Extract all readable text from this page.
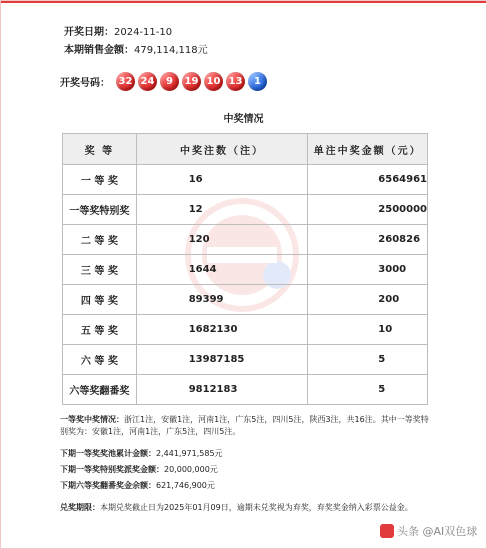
开奖日期：2024-11-10
本期销售金额：479,114,118元
开奖号码： 32 24	9	19 10 13	1
中奖情况
奖 等	中奖注数（注）	单注中奖金额（元）
一 等 奖	16	6564961
一等奖特别奖	12	2500000
二 等 奖	120	260826
三 等 奖	1644	3000
四 等 奖	89399	200
五 等 奖	1682130	10
六 等 奖	13987185	5
六等奖翻番奖	9812183	5
一等奖中奖情况：浙江1注，安徽1注，河南1注，广东5注，四川5注，陕西3注，共16注。其中一等奖特别奖为：安徽1注，河南1注，广东5注，四川5注。
下期一等奖奖池累计金额：2,441,971,585元
下期一等奖特别奖派奖金额：20,000,000元
下期六等奖翻番奖金余额：621,746,900元
兑奖期限：本期兑奖截止日为2025年01月09日，逾期未兑奖视为弃奖，弃奖奖金纳入彩票公益金。
头条 @AI双色球
